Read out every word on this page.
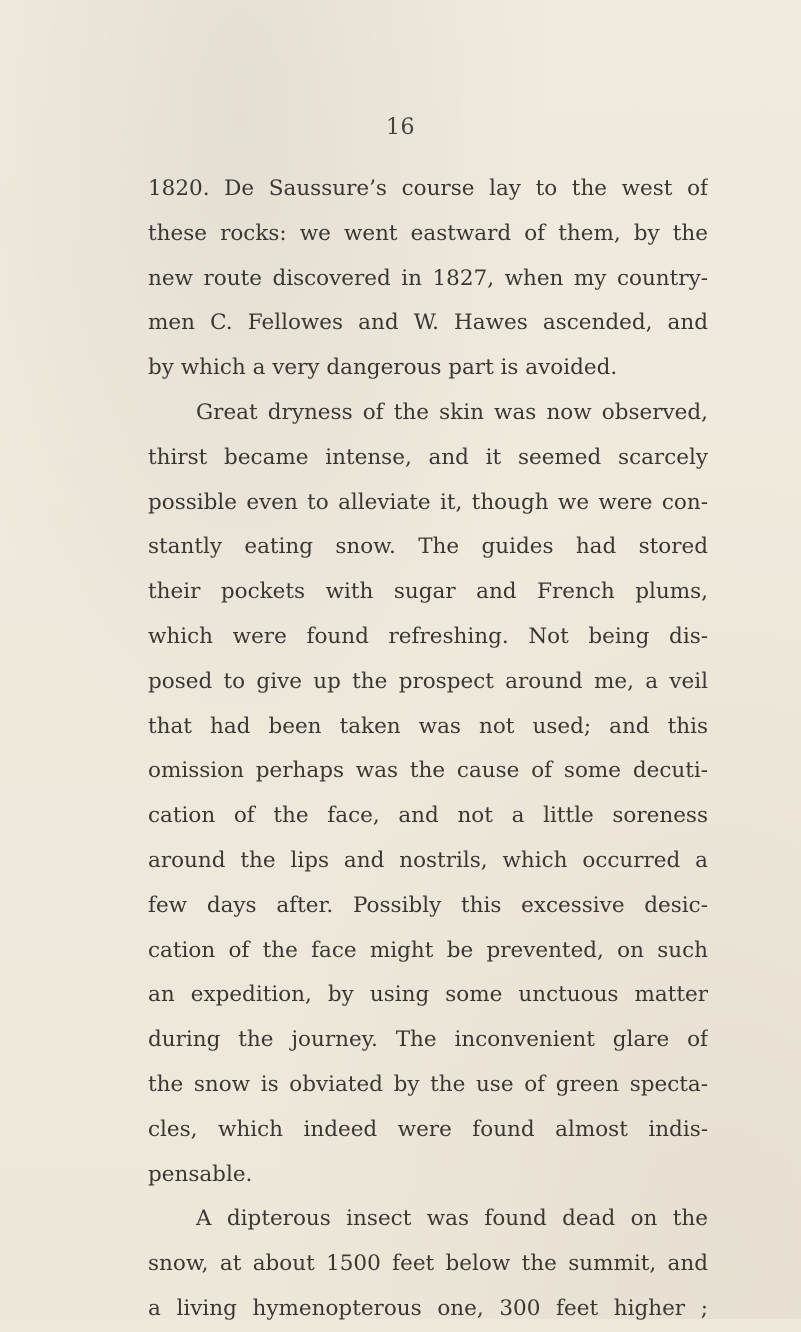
16
1820. De Saussure’s course lay to the west of
these rocks: we went eastward of them, by the
new route discovered in 1827, when my country-
men C. Fellowes and W. Hawes ascended, and
by which a very dangerous part is avoided.
Great dryness of the skin was now observed,
thirst became intense, and it seemed scarcely
possible even to alleviate it, though we were con-
stantly eating snow. The guides had stored
their pockets with sugar and French plums,
which were found refreshing. Not being dis-
posed to give up the prospect around me, a veil
that had been taken was not used; and this
omission perhaps was the cause of some decuti-
cation of the face, and not a little soreness
around the lips and nostrils, which occurred a
few days after. Possibly this excessive desic-
cation of the face might be prevented, on such
an expedition, by using some unctuous matter
during the journey. The inconvenient glare of
the snow is obviated by the use of green specta-
cles, which indeed were found almost indis-
pensable.
A dipterous insect was found dead on the
snow, at about 1500 feet below the summit, and
a living hymenopterous one, 300 feet higher ;
